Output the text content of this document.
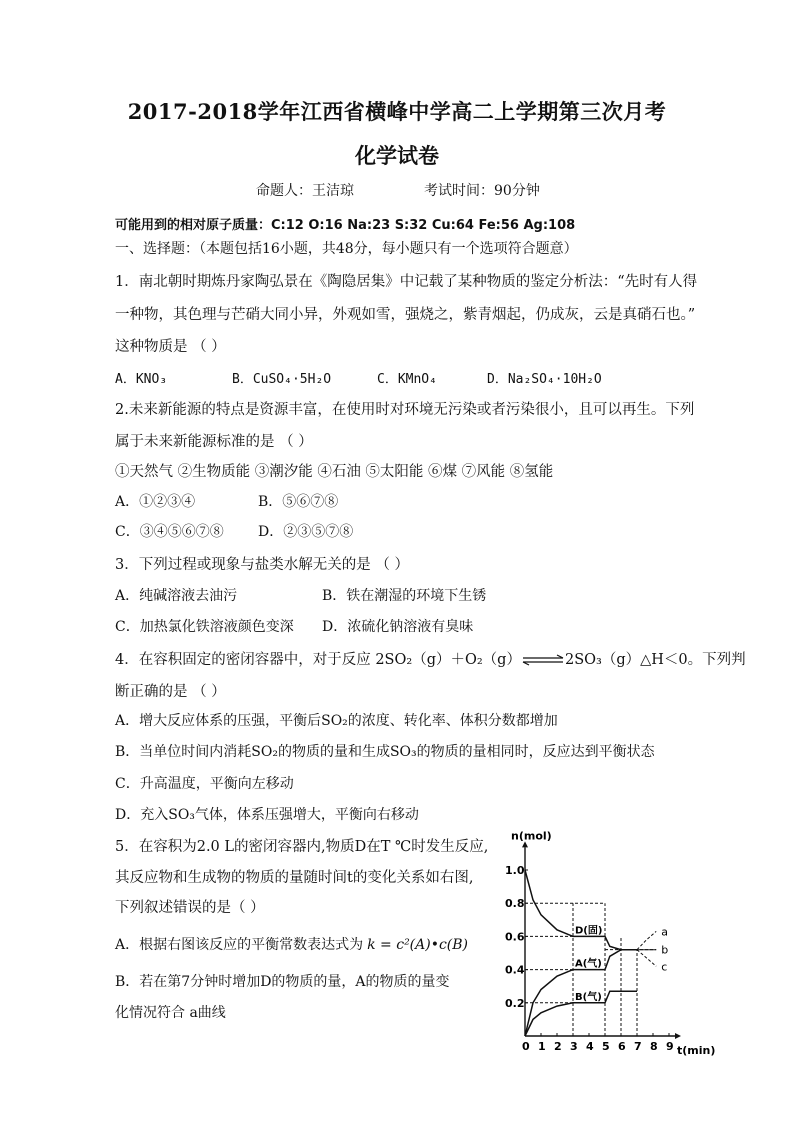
2017-2018学年江西省横峰中学高二上学期第三次月考
化学试卷
命题人：王洁琼	考试时间：90分钟
可能用到的相对原子质量：C:12 O:16 Na:23 S:32 Cu:64 Fe:56 Ag:108
一、选择题：（本题包括16小题，共48分，每小题只有一个选项符合题意）
1．南北朝时期炼丹家陶弘景在《陶隐居集》中记载了某种物质的鉴定分析法：“先时有人得
一种物，其色理与芒硝大同小异，外观如雪，强烧之，紫青烟起，仍成灰，云是真硝石也。”
这种物质是 （ ）
A．KNO₃	B．CuSO₄·5H₂O	C．KMnO₄	D．Na₂SO₄·10H₂O
2.未来新能源的特点是资源丰富，在使用时对环境无污染或者污染很小，且可以再生。下列
属于未来新能源标准的是 （ ）
①天然气 ②生物质能 ③潮汐能 ④石油 ⑤太阳能 ⑥煤 ⑦风能 ⑧氢能
A．①②③④	B．⑤⑥⑦⑧
C．③④⑤⑥⑦⑧ D．②③⑤⑦⑧
3．下列过程或现象与盐类水解无关的是 （ ）
A．纯碱溶液去油污	B．铁在潮湿的环境下生锈
C．加热氯化铁溶液颜色变深 D．浓硫化钠溶液有臭味
4．在容积固定的密闭容器中，对于反应 2SO₂（g）＋O₂（g）⇌2SO₃（g）△H＜0。下列判
断正确的是 （ ）
A．增大反应体系的压强，平衡后SO₂的浓度、转化率、体积分数都增加
B．当单位时间内消耗SO₂的物质的量和生成SO₃的物质的量相同时，反应达到平衡状态
C．升高温度，平衡向左移动
D．充入SO₃气体，体系压强增大，平衡向右移动
5．在容积为2.0 L的密闭容器内,物质D在T ℃时发生反应,
其反应物和生成物的物质的量随时间t的变化关系如右图,
下列叙述错误的是（ ）
A．根据右图该反应的平衡常数表达式为 k = c²(A)•c(B)
B．若在第7分钟时增加D的物质的量，A的物质的量变
化情况符合 a曲线
n(mol)
t(min)
0 1 2 3 4 5 6 7 8 9
0.2
0.4
0.6
0.8
1.0
D(固)
A(气)
B(气)
a
b
c
